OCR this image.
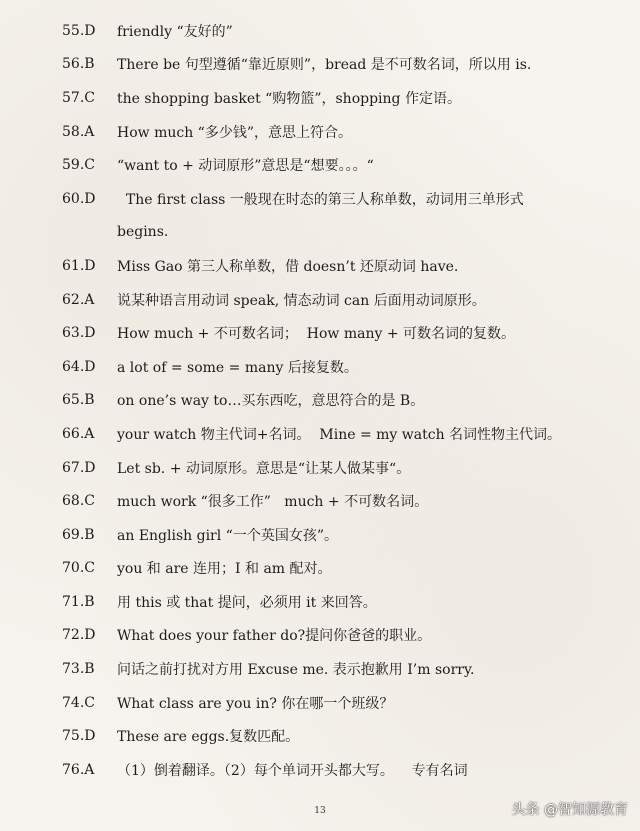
55.D	friendly “友好的”
56.B	There be 句型遵循“靠近原则”，bread 是不可数名词，所以用 is.
57.C	the shopping basket “购物篮”，shopping 作定语。
58.A	How much “多少钱”，意思上符合。
59.C	“want to + 动词原形”意思是“想要。。。“
60.D	The first class 一般现在时态的第三人称单数，动词用三单形式
begins.
61.D	Miss Gao 第三人称单数，借 doesn’t 还原动词 have.
62.A	说某种语言用动词 speak, 情态动词 can 后面用动词原形。
63.D	How much + 不可数名词；  How many + 可数名词的复数。
64.D	a lot of = some = many 后接复数。
65.B	on one’s way to…买东西吃，意思符合的是 B。
66.A	your watch 物主代词+名词。  Mine = my watch 名词性物主代词。
67.D	Let sb. + 动词原形。意思是“让某人做某事“。
68.C	much work “很多工作”   much + 不可数名词。
69.B	an English girl “一个英国女孩”。
70.C	you 和 are 连用；I 和 am 配对。
71.B	用 this 或 that 提问，必须用 it 来回答。
72.D	What does your father do?提问你爸爸的职业。
73.B	问话之前打扰对方用 Excuse me. 表示抱歉用 I’m sorry.
74.C	What class are you in? 你在哪一个班级？
75.D	These are eggs.复数匹配。
76.A	（1）倒着翻译。（2）每个单词开头都大写。    专有名词
13	头条 @智知源教育
